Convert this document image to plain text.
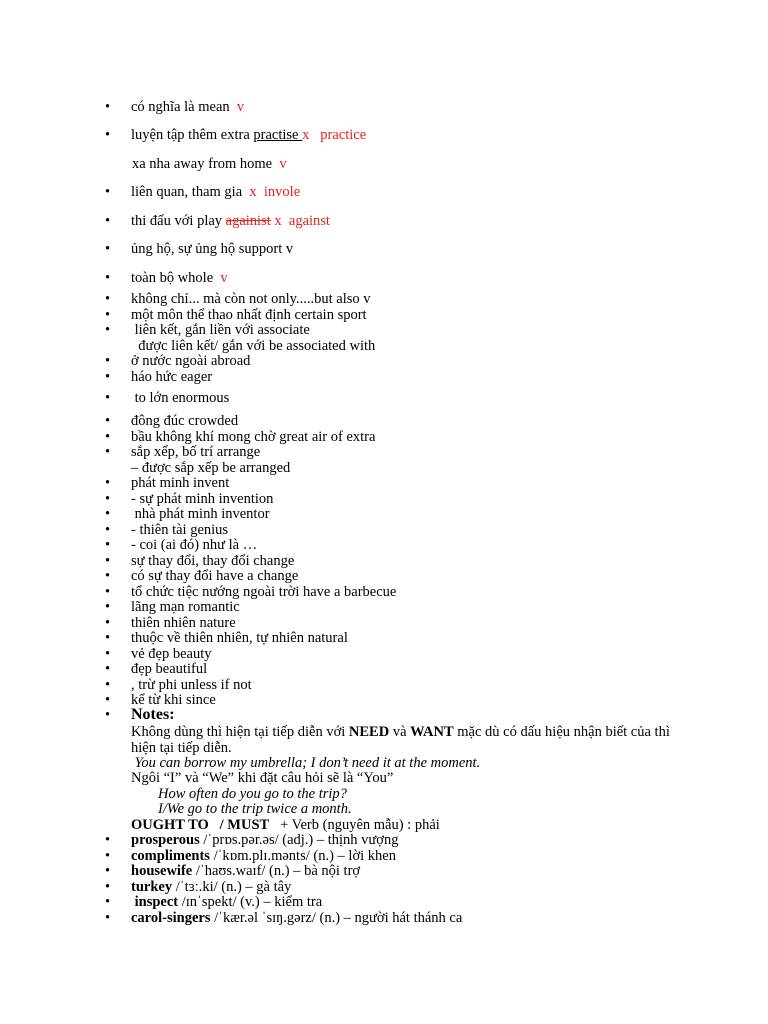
• có nghĩa là mean v
• luyện tập thêm extra practise x practice
xa nha away from home v
• liên quan, tham gia x invole
• thi đấu với play againist x against
• ủng hộ, sự ủng hộ support v
• toàn bộ whole v
• không chỉ... mà còn not only.....but also v
• một môn thể thao nhất định certain sport
• liên kết, gắn liền với associate
được liên kết/ gắn với be associated with
• ở nước ngoài abroad
• háo hức eager
• to lớn enormous
• đông đúc crowded
• bầu không khí mong chờ great air of extra
• sắp xếp, bố trí arrange
– được sắp xếp be arranged
• phát minh invent
• - sự phát minh invention
• nhà phát minh inventor
• - thiên tài genius
• - coi (ai đó) như là …
• sự thay đổi, thay đổi change
• có sự thay đổi have a change
• tổ chức tiệc nướng ngoài trời have a barbecue
• lãng mạn romantic
• thiên nhiên nature
• thuộc về thiên nhiên, tự nhiên natural
• vẻ đẹp beauty
• đẹp beautiful
• , trừ phi unless if not
• kể từ khi since
• Notes:
Không dùng thì hiện tại tiếp diễn với NEED và WANT mặc dù có dấu hiệu nhận biết của thì hiện tại tiếp diễn.
You can borrow my umbrella; I don’t need it at the moment.
Ngôi “I” và “We” khi đặt câu hỏi sẽ là “You”
How often do you go to the trip?
I/We go to the trip twice a month.
OUGHT TO   / MUST   + Verb (nguyên mẫu) : phải
• prosperous /ˈprɒs.pər.əs/ (adj.) – thịnh vượng
• compliments /ˈkɒm.plɪ.mənts/ (n.) – lời khen
• housewife /ˈhaʊs.waɪf/ (n.) – bà nội trợ
• turkey /ˈtɜː.ki/ (n.) – gà tây
• inspect /ɪnˈspekt/ (v.) – kiểm tra
• carol-singers /ˈkær.əl ˈsɪŋ.gərz/ (n.) – người hát thánh ca
